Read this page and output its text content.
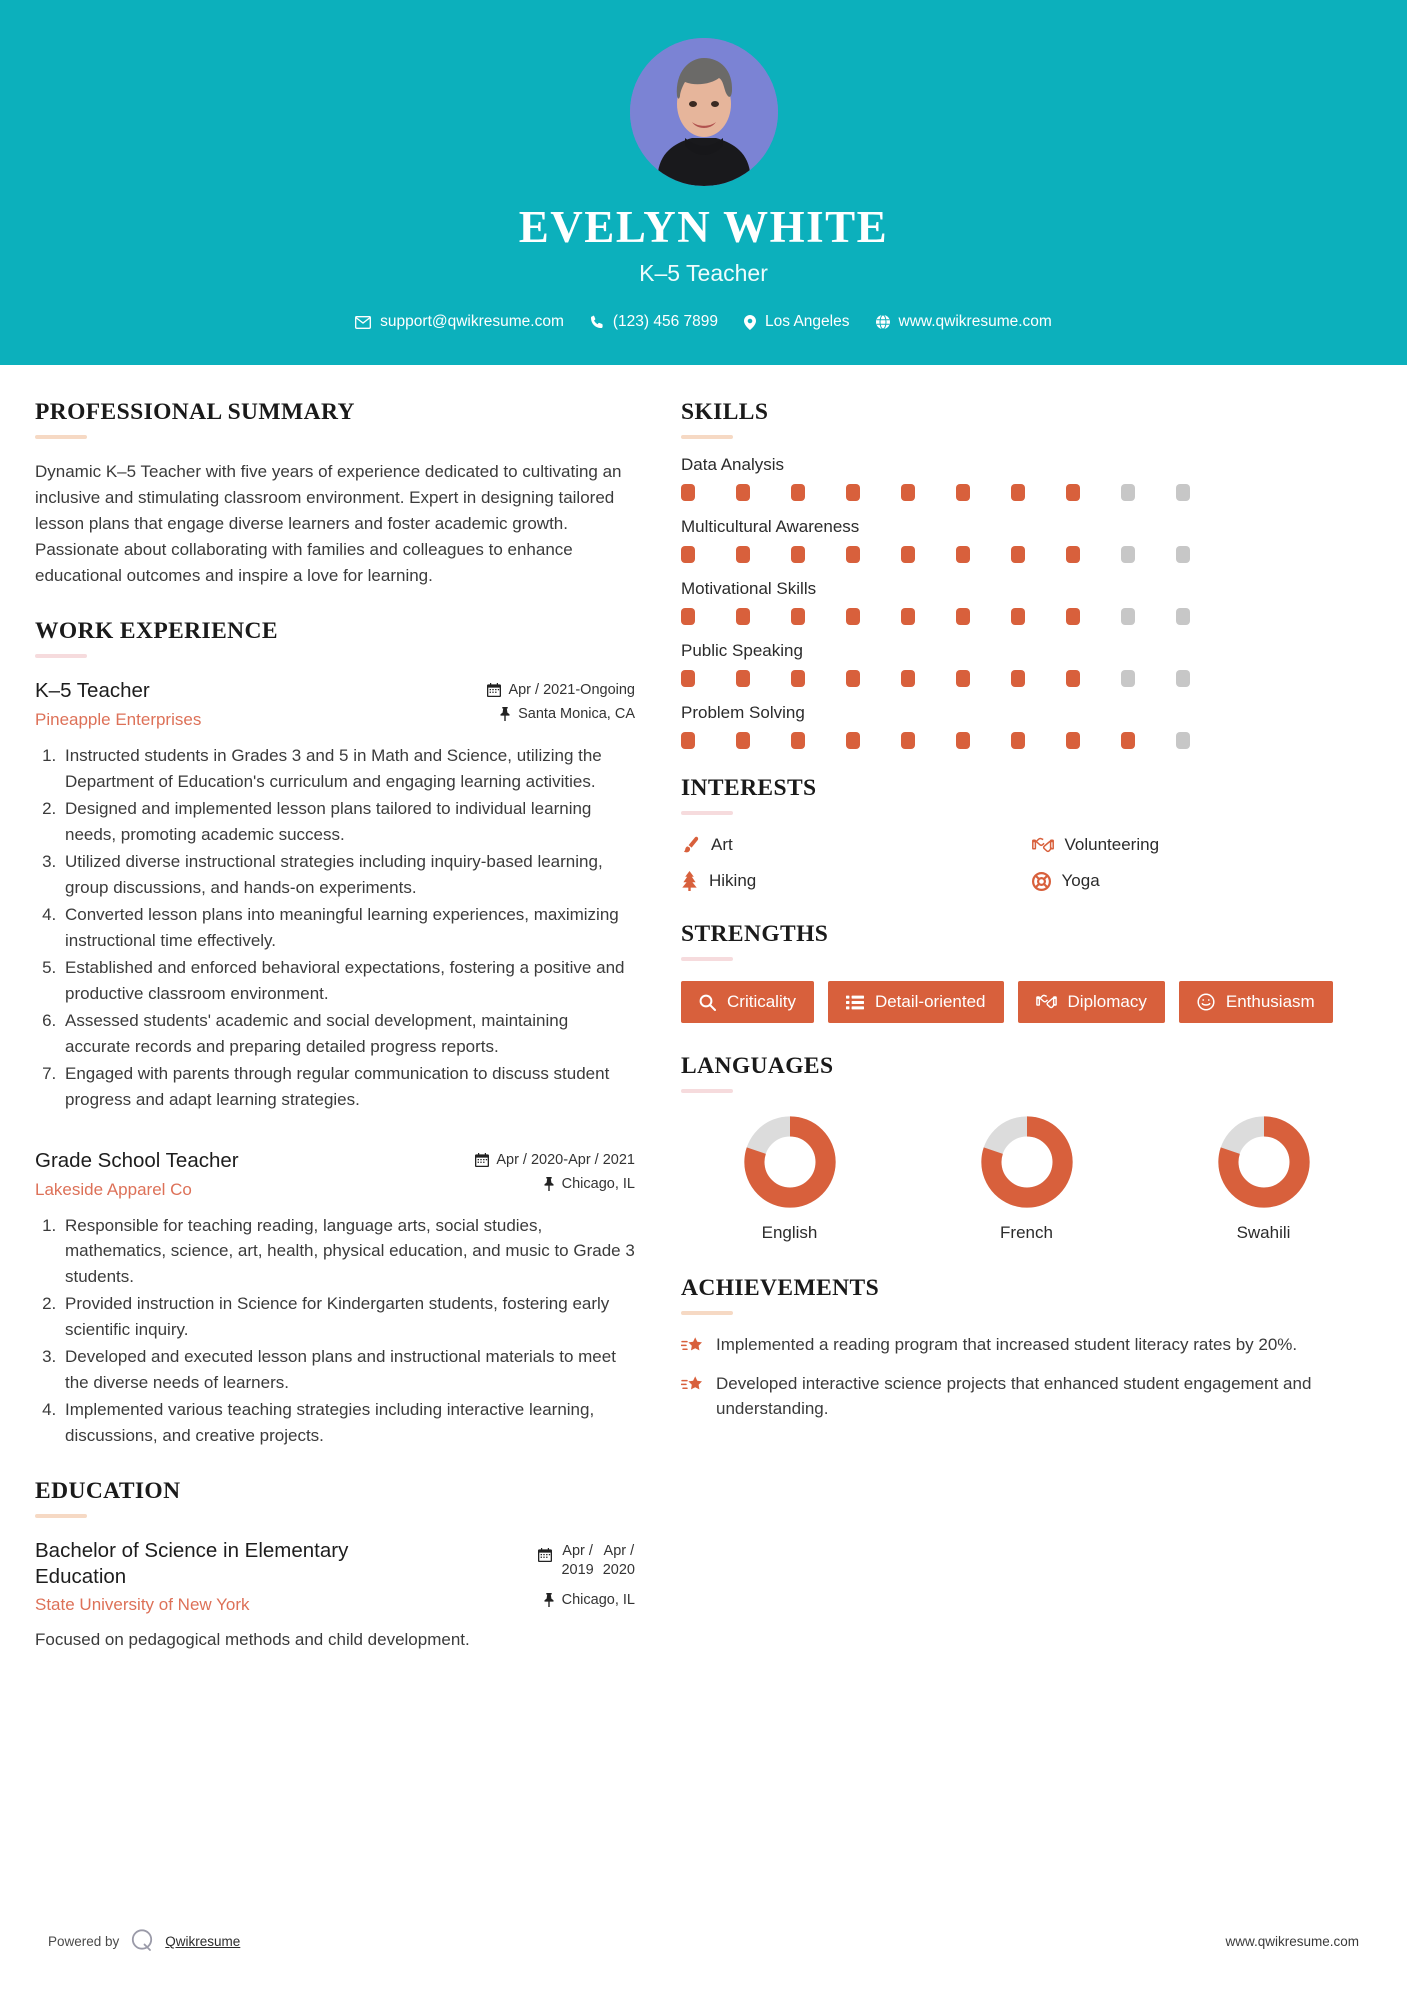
EVELYN WHITE
K–5 Teacher
support@qwikresume.com	(123) 456 7899	Los Angeles	www.qwikresume.com
PROFESSIONAL SUMMARY
Dynamic K–5 Teacher with five years of experience dedicated to cultivating an inclusive and stimulating classroom environment. Expert in designing tailored lesson plans that engage diverse learners and foster academic growth. Passionate about collaborating with families and colleagues to enhance educational outcomes and inspire a love for learning.
WORK EXPERIENCE
K–5 Teacher
Pineapple Enterprises
Apr / 2021-Ongoing
Santa Monica, CA
1. Instructed students in Grades 3 and 5 in Math and Science, utilizing the Department of Education's curriculum and engaging learning activities.
2. Designed and implemented lesson plans tailored to individual learning needs, promoting academic success.
3. Utilized diverse instructional strategies including inquiry-based learning, group discussions, and hands-on experiments.
4. Converted lesson plans into meaningful learning experiences, maximizing instructional time effectively.
5. Established and enforced behavioral expectations, fostering a positive and productive classroom environment.
6. Assessed students' academic and social development, maintaining accurate records and preparing detailed progress reports.
7. Engaged with parents through regular communication to discuss student progress and adapt learning strategies.
Grade School Teacher
Lakeside Apparel Co
Apr / 2020-Apr / 2021
Chicago, IL
1. Responsible for teaching reading, language arts, social studies, mathematics, science, art, health, physical education, and music to Grade 3 students.
2. Provided instruction in Science for Kindergarten students, fostering early scientific inquiry.
3. Developed and executed lesson plans and instructional materials to meet the diverse needs of learners.
4. Implemented various teaching strategies including interactive learning, discussions, and creative projects.
EDUCATION
Bachelor of Science in Elementary Education
State University of New York
Apr /
2019
Apr /
2020
Chicago, IL
Focused on pedagogical methods and child development.
SKILLS
Data Analysis
Multicultural Awareness
Motivational Skills
Public Speaking
Problem Solving
INTERESTS
Art	Volunteering
Hiking	Yoga
STRENGTHS
Criticality	Detail-oriented	Diplomacy	Enthusiasm
LANGUAGES
English	French	Swahili
ACHIEVEMENTS
Implemented a reading program that increased student literacy rates by 20%.
Developed interactive science projects that enhanced student engagement and understanding.
Powered by	Qwikresume	www.qwikresume.com
